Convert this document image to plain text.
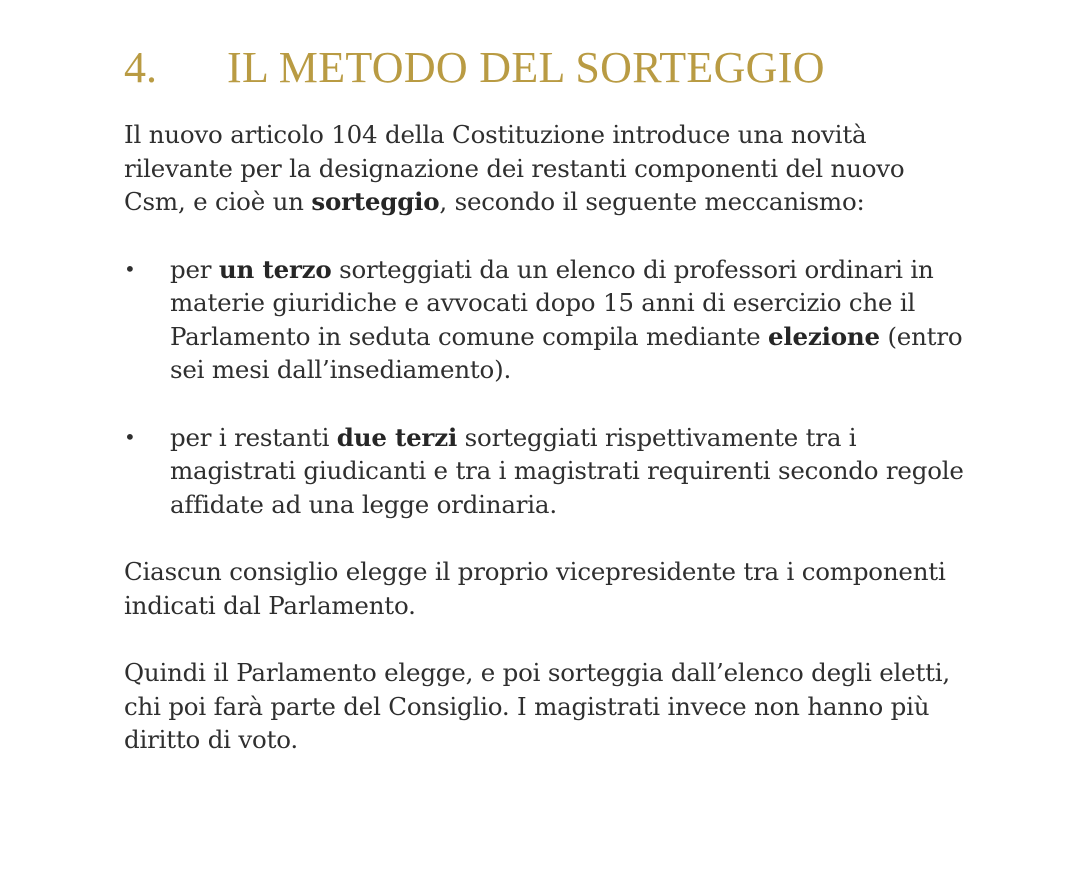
4.	IL METODO DEL SORTEGGIO

Il nuovo articolo 104 della Costituzione introduce una novità rilevante per la designazione dei restanti componenti del nuovo Csm, e cioè un sorteggio, secondo il seguente meccanismo:

• per un terzo sorteggiati da un elenco di professori ordinari in materie giuridiche e avvocati dopo 15 anni di esercizio che il Parlamento in seduta comune compila mediante elezione (entro sei mesi dall’insediamento).
• per i restanti due terzi sorteggiati rispettivamente tra i magistrati giudicanti e tra i magistrati requirenti secondo regole affidate ad una legge ordinaria.

Ciascun consiglio elegge il proprio vicepresidente tra i componenti indicati dal Parlamento.

Quindi il Parlamento elegge, e poi sorteggia dall’elenco degli eletti, chi poi farà parte del Consiglio. I magistrati invece non hanno più diritto di voto.
